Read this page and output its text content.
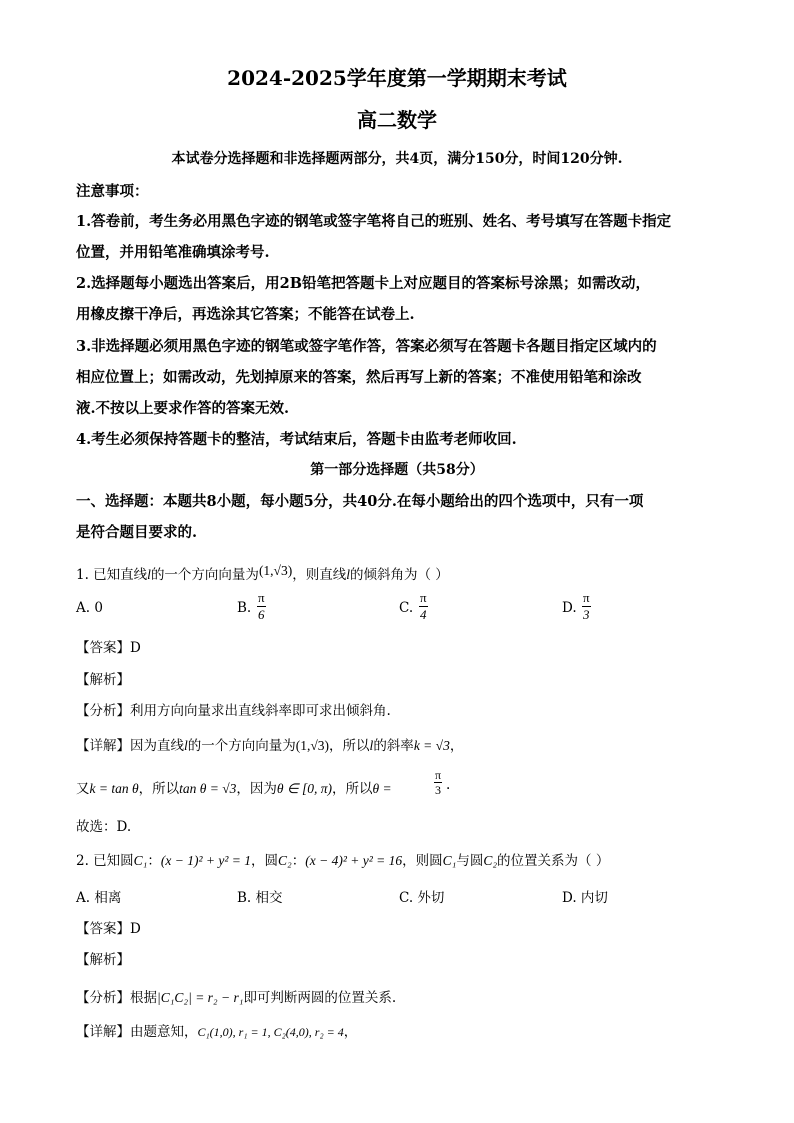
2024-2025学年度第一学期期末考试
高二数学
本试卷分选择题和非选择题两部分，共4页，满分150分，时间120分钟.
注意事项：
1.答卷前，考生务必用黑色字迹的钢笔或签字笔将自己的班别、姓名、考号填写在答题卡指定
位置，并用铅笔准确填涂考号.
2.选择题每小题选出答案后，用2B铅笔把答题卡上对应题目的答案标号涂黑；如需改动，
用橡皮擦干净后，再选涂其它答案；不能答在试卷上.
3.非选择题必须用黑色字迹的钢笔或签字笔作答，答案必须写在答题卡各题目指定区域内的
相应位置上；如需改动，先划掉原来的答案，然后再写上新的答案；不准使用铅笔和涂改
液.不按以上要求作答的答案无效.
4.考生必须保持答题卡的整洁，考试结束后，答题卡由监考老师收回.
第一部分选择题（共58分）
一、选择题：本题共8小题，每小题5分，共40分.在每小题给出的四个选项中，只有一项
是符合题目要求的.
1. 已知直线l的一个方向向量为(1,√3)，则直线l的倾斜角为（ ）
A. 0	B. $\frac{\pi}{6}$	C. $\frac{\pi}{4}$	D. $\frac{\pi}{3}$
【答案】D
【解析】
【分析】利用方向向量求出直线斜率即可求出倾斜角.
【详解】因为直线l的一个方向向量为(1,√3)，所以l的斜率k = √3，
又k = tan θ，所以tan θ = √3，因为θ ∈ [0, π)，所以θ =	$\frac{\pi}{3}$ .
故选：D.
2. 已知圆C₁：(x − 1)² + y² = 1，圆C₂：(x − 4)² + y² = 16，则圆C₁与圆C₂的位置关系为（ ）
A. 相离	B. 相交	C. 外切	D. 内切
【答案】D
【解析】
【分析】根据|C₁C₂| = r₂ − r₁即可判断两圆的位置关系.
【详解】由题意知，C₁(1,0), r₁ = 1, C₂(4,0), r₂ = 4，
